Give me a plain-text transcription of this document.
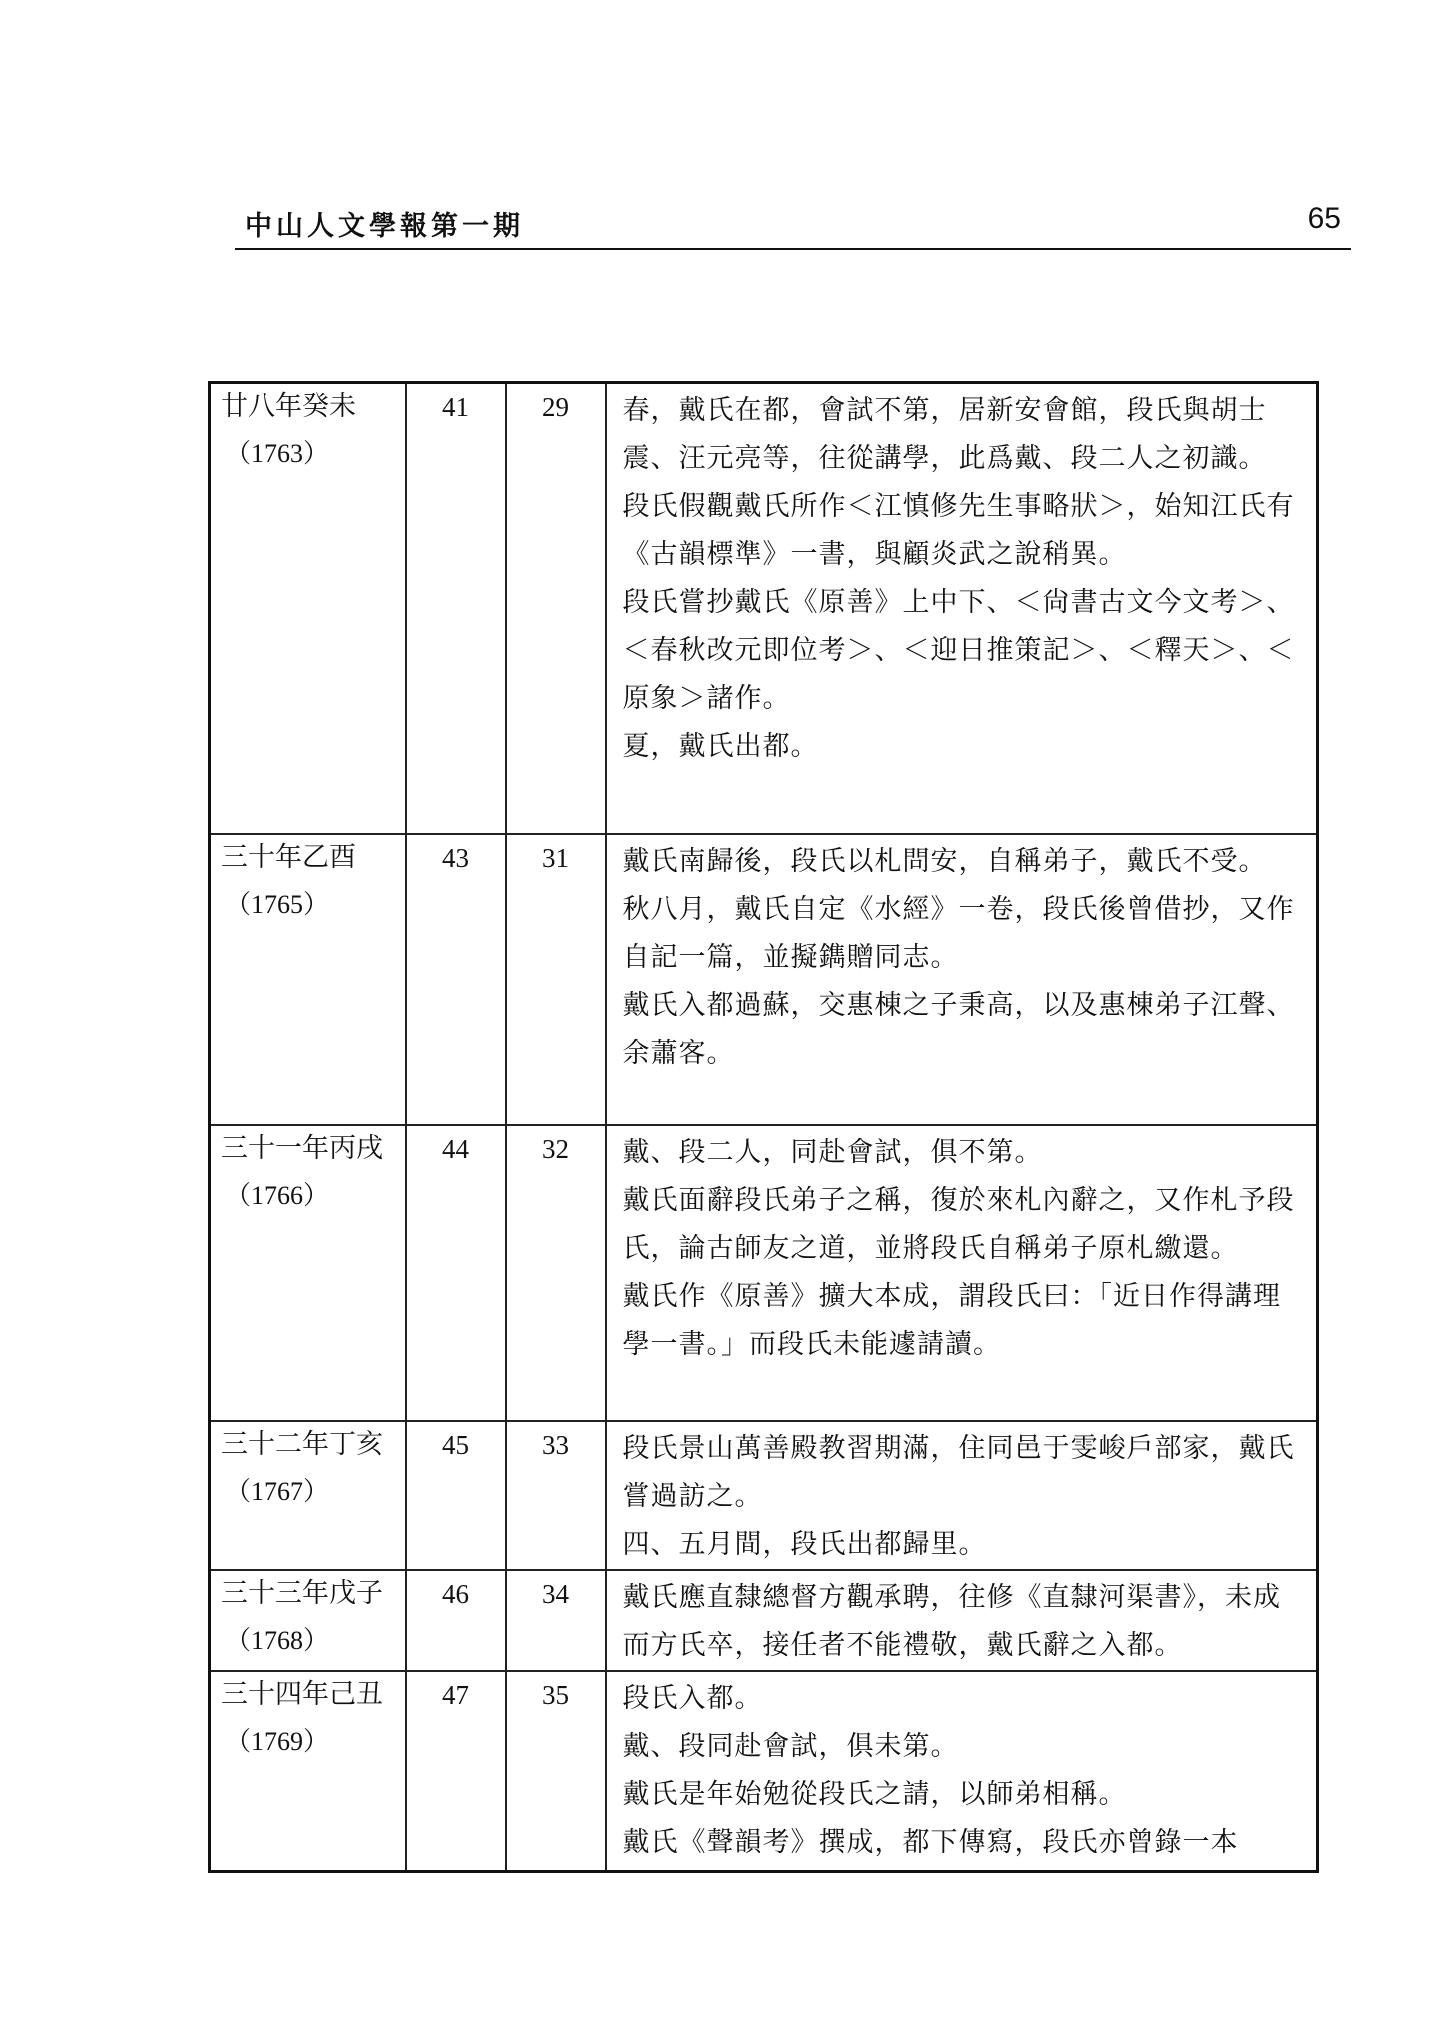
中山人文學報第一期	65
廿八年癸未
（1763）	41	29	春，戴氏在都，會試不第，居新安會館，段氏與胡士震、汪元亮等，往從講學，此爲戴、段二人之初識。
段氏假觀戴氏所作＜江慎修先生事略狀＞，始知江氏有《古韻標準》一書，與顧炎武之說稍異。
段氏嘗抄戴氏《原善》上中下、＜尙書古文今文考＞、＜春秋改元即位考＞、＜迎日推策記＞、＜釋天＞、＜原象＞諸作。
夏，戴氏出都。

三十年乙酉
（1765）	43	31	戴氏南歸後，段氏以札問安，自稱弟子，戴氏不受。
秋八月，戴氏自定《水經》一卷，段氏後曾借抄，又作自記一篇，並擬鐫贈同志。
戴氏入都過蘇，交惠棟之子秉高，以及惠棟弟子江聲、余蕭客。

三十一年丙戌
（1766）	44	32	戴、段二人，同赴會試，俱不第。
戴氏面辭段氏弟子之稱，復於來札內辭之，又作札予段氏，論古師友之道，並將段氏自稱弟子原札繳還。
戴氏作《原善》擴大本成，謂段氏曰：「近日作得講理學一書。」而段氏未能遽請讀。

三十二年丁亥
（1767）	45	33	段氏景山萬善殿教習期滿，住同邑于雯峻戶部家，戴氏嘗過訪之。
四、五月間，段氏出都歸里。

三十三年戊子
（1768）	46	34	戴氏應直隸總督方觀承聘，往修《直隸河渠書》，未成而方氏卒，接任者不能禮敬，戴氏辭之入都。

三十四年己丑
（1769）	47	35	段氏入都。
戴、段同赴會試，俱未第。
戴氏是年始勉從段氏之請，以師弟相稱。
戴氏《聲韻考》撰成，都下傳寫，段氏亦曾錄一本
